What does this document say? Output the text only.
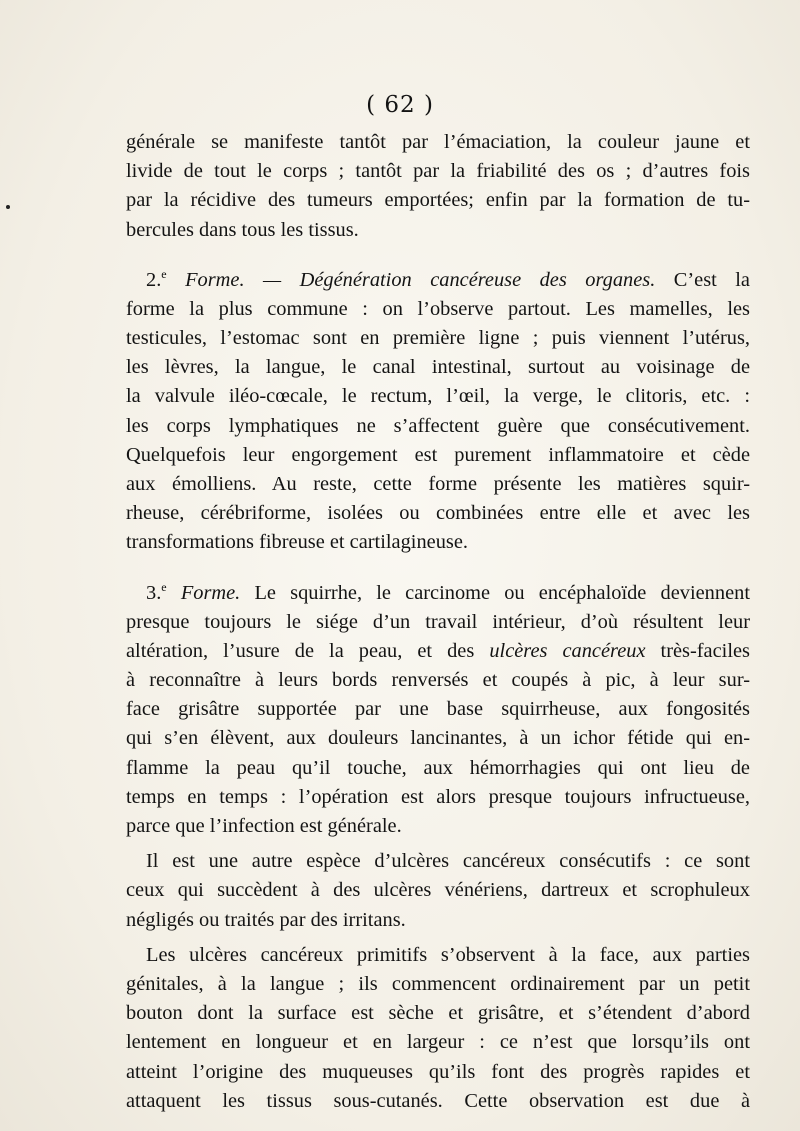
( 62 )

générale se manifeste tantôt par l’émaciation, la couleur jaune et
livide de tout le corps ; tantôt par la friabilité des os ; d’autres fois
par la récidive des tumeurs emportées; enfin par la formation de tu-
bercules dans tous les tissus.

2.$^e$ Forme. — Dégénération cancéreuse des organes. C’est la
forme la plus commune : on l’observe partout. Les mamelles, les
testicules, l’estomac sont en première ligne ; puis viennent l’utérus,
les lèvres, la langue, le canal intestinal, surtout au voisinage de
la valvule iléo-cœcale, le rectum, l’œil, la verge, le clitoris, etc. :
les corps lymphatiques ne s’affectent guère que consécutivement.
Quelquefois leur engorgement est purement inflammatoire et cède
aux émolliens. Au reste, cette forme présente les matières squir-
rheuse, cérébriforme, isolées ou combinées entre elle et avec les
transformations fibreuse et cartilagineuse.

3.$^e$ Forme. Le squirrhe, le carcinome ou encéphaloïde deviennent
presque toujours le siége d’un travail intérieur, d’où résultent leur
altération, l’usure de la peau, et des ulcères cancéreux très-faciles
à reconnaître à leurs bords renversés et coupés à pic, à leur sur-
face grisâtre supportée par une base squirrheuse, aux fongosités
qui s’en élèvent, aux douleurs lancinantes, à un ichor fétide qui en-
flamme la peau qu’il touche, aux hémorrhagies qui ont lieu de
temps en temps : l’opération est alors presque toujours infructueuse,
parce que l’infection est générale.

Il est une autre espèce d’ulcères cancéreux consécutifs : ce sont
ceux qui succèdent à des ulcères vénériens, dartreux et scrophuleux
négligés ou traités par des irritans.

Les ulcères cancéreux primitifs s’observent à la face, aux parties
génitales, à la langue ; ils commencent ordinairement par un petit
bouton dont la surface est sèche et grisâtre, et s’étendent d’abord
lentement en longueur et en largeur : ce n’est que lorsqu’ils ont
atteint l’origine des muqueuses qu’ils font des progrès rapides et
attaquent les tissus sous-cutanés. Cette observation est due à
